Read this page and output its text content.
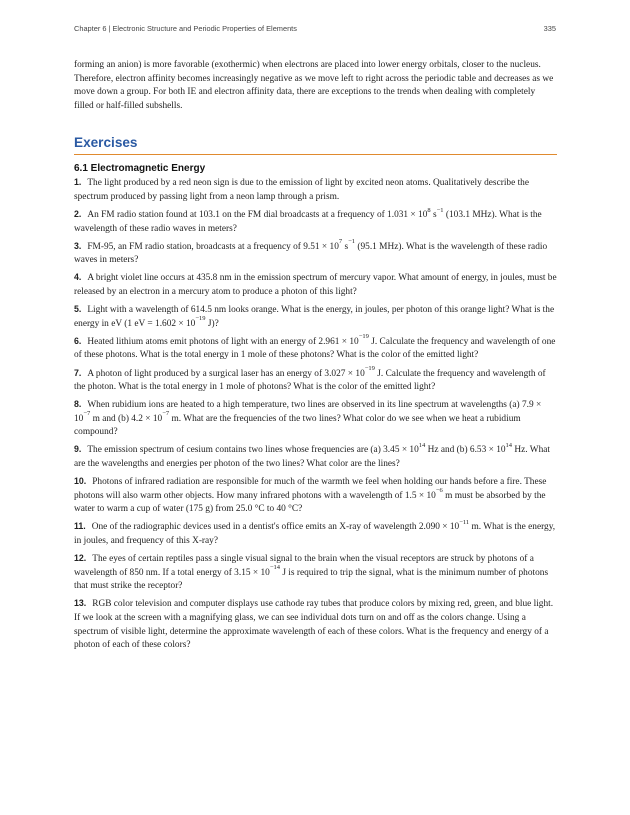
Chapter 6 | Electronic Structure and Periodic Properties of Elements	335

forming an anion) is more favorable (exothermic) when electrons are placed into lower energy orbitals, closer to the nucleus. Therefore, electron affinity becomes increasingly negative as we move left to right across the periodic table and decreases as we move down a group. For both IE and electron affinity data, there are exceptions to the trends when dealing with completely filled or half-filled subshells.

Exercises
6.1 Electromagnetic Energy

1. The light produced by a red neon sign is due to the emission of light by excited neon atoms. Qualitatively describe the spectrum produced by passing light from a neon lamp through a prism.

2. An FM radio station found at 103.1 on the FM dial broadcasts at a frequency of $1.031 \times 10^8$ $s^{-1}$ (103.1 MHz). What is the wavelength of these radio waves in meters?

3. FM-95, an FM radio station, broadcasts at a frequency of $9.51 \times 10^7$ $s^{-1}$ (95.1 MHz). What is the wavelength of these radio waves in meters?

4. A bright violet line occurs at 435.8 nm in the emission spectrum of mercury vapor. What amount of energy, in joules, must be released by an electron in a mercury atom to produce a photon of this light?

5. Light with a wavelength of 614.5 nm looks orange. What is the energy, in joules, per photon of this orange light? What is the energy in eV (1 eV = $1.602 \times 10^{-19}$ J)?

6. Heated lithium atoms emit photons of light with an energy of $2.961 \times 10^{-19}$ J. Calculate the frequency and wavelength of one of these photons. What is the total energy in 1 mole of these photons? What is the color of the emitted light?

7. A photon of light produced by a surgical laser has an energy of $3.027 \times 10^{-19}$ J. Calculate the frequency and wavelength of the photon. What is the total energy in 1 mole of photons? What is the color of the emitted light?

8. When rubidium ions are heated to a high temperature, two lines are observed in its line spectrum at wavelengths (a) $7.9 \times 10^{-7}$ m and (b) $4.2 \times 10^{-7}$ m. What are the frequencies of the two lines? What color do we see when we heat a rubidium compound?

9. The emission spectrum of cesium contains two lines whose frequencies are (a) $3.45 \times 10^{14}$ Hz and (b) $6.53 \times 10^{14}$ Hz. What are the wavelengths and energies per photon of the two lines? What color are the lines?

10. Photons of infrared radiation are responsible for much of the warmth we feel when holding our hands before a fire. These photons will also warm other objects. How many infrared photons with a wavelength of $1.5 \times 10^{-6}$ m must be absorbed by the water to warm a cup of water (175 g) from 25.0 °C to 40 °C?

11. One of the radiographic devices used in a dentist's office emits an X-ray of wavelength $2.090 \times 10^{-11}$ m. What is the energy, in joules, and frequency of this X-ray?

12. The eyes of certain reptiles pass a single visual signal to the brain when the visual receptors are struck by photons of a wavelength of 850 nm. If a total energy of $3.15 \times 10^{-14}$ J is required to trip the signal, what is the minimum number of photons that must strike the receptor?

13. RGB color television and computer displays use cathode ray tubes that produce colors by mixing red, green, and blue light. If we look at the screen with a magnifying glass, we can see individual dots turn on and off as the colors change. Using a spectrum of visible light, determine the approximate wavelength of each of these colors. What is the frequency and energy of a photon of each of these colors?
